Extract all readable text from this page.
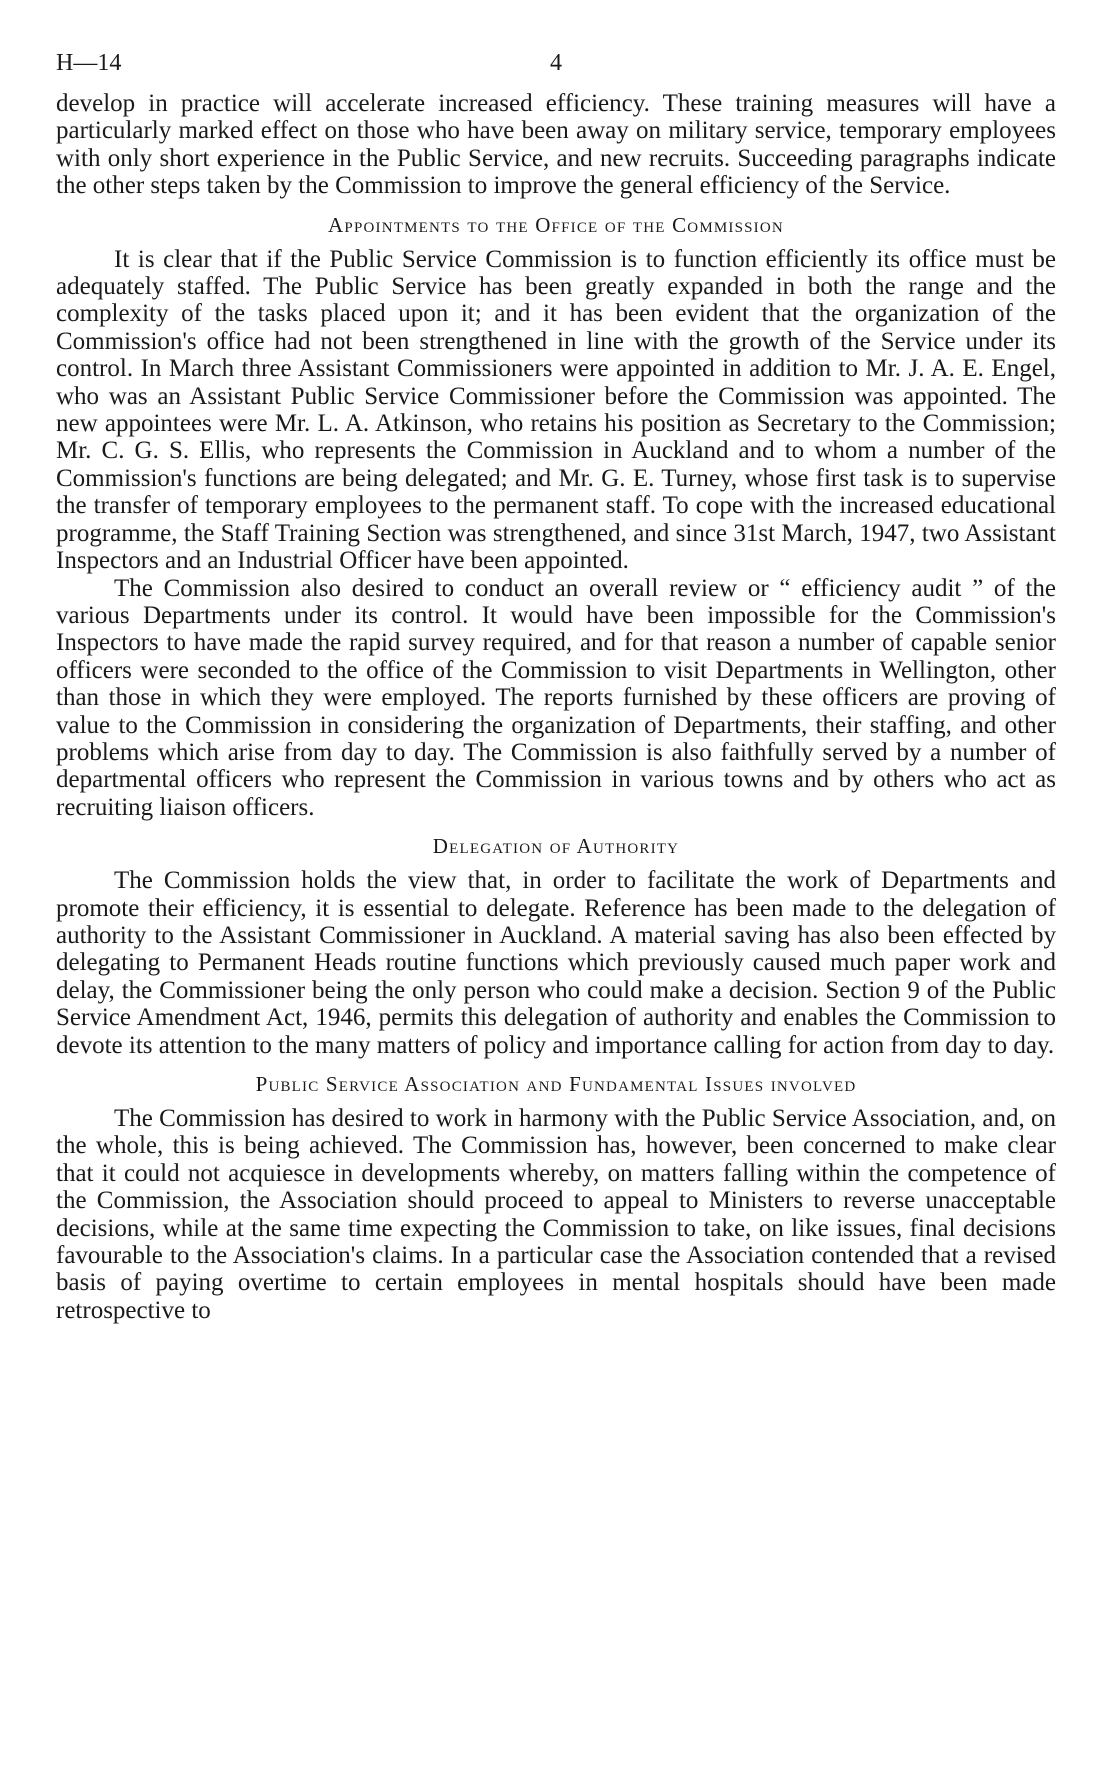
H—14	4

develop in practice will accelerate increased efficiency. These training measures will have a particularly marked effect on those who have been away on military service, temporary employees with only short experience in the Public Service, and new recruits. Succeeding paragraphs indicate the other steps taken by the Commission to improve the general efficiency of the Service.

Appointments to the Office of the Commission

It is clear that if the Public Service Commission is to function efficiently its office must be adequately staffed. The Public Service has been greatly expanded in both the range and the complexity of the tasks placed upon it; and it has been evident that the organization of the Commission's office had not been strengthened in line with the growth of the Service under its control. In March three Assistant Commissioners were appointed in addition to Mr. J. A. E. Engel, who was an Assistant Public Service Commissioner before the Commission was appointed. The new appointees were Mr. L. A. Atkinson, who retains his position as Secretary to the Commission; Mr. C. G. S. Ellis, who represents the Commission in Auckland and to whom a number of the Commission's functions are being delegated; and Mr. G. E. Turney, whose first task is to supervise the transfer of temporary employees to the permanent staff. To cope with the increased educational programme, the Staff Training Section was strengthened, and since 31st March, 1947, two Assistant Inspectors and an Industrial Officer have been appointed.

The Commission also desired to conduct an overall review or “ efficiency audit ” of the various Departments under its control. It would have been impossible for the Commission's Inspectors to have made the rapid survey required, and for that reason a number of capable senior officers were seconded to the office of the Commission to visit Departments in Wellington, other than those in which they were employed. The reports furnished by these officers are proving of value to the Commission in considering the organization of Departments, their staffing, and other problems which arise from day to day. The Commission is also faithfully served by a number of departmental officers who represent the Commission in various towns and by others who act as recruiting liaison officers.

Delegation of Authority

The Commission holds the view that, in order to facilitate the work of Departments and promote their efficiency, it is essential to delegate. Reference has been made to the delegation of authority to the Assistant Commissioner in Auckland. A material saving has also been effected by delegating to Permanent Heads routine functions which previously caused much paper work and delay, the Commissioner being the only person who could make a decision. Section 9 of the Public Service Amendment Act, 1946, permits this delegation of authority and enables the Commission to devote its attention to the many matters of policy and importance calling for action from day to day.

Public Service Association and Fundamental Issues involved

The Commission has desired to work in harmony with the Public Service Association, and, on the whole, this is being achieved. The Commission has, however, been concerned to make clear that it could not acquiesce in developments whereby, on matters falling within the competence of the Commission, the Association should proceed to appeal to Ministers to reverse unacceptable decisions, while at the same time expecting the Commission to take, on like issues, final decisions favourable to the Association's claims. In a particular case the Association contended that a revised basis of paying overtime to certain employees in mental hospitals should have been made retrospective to
